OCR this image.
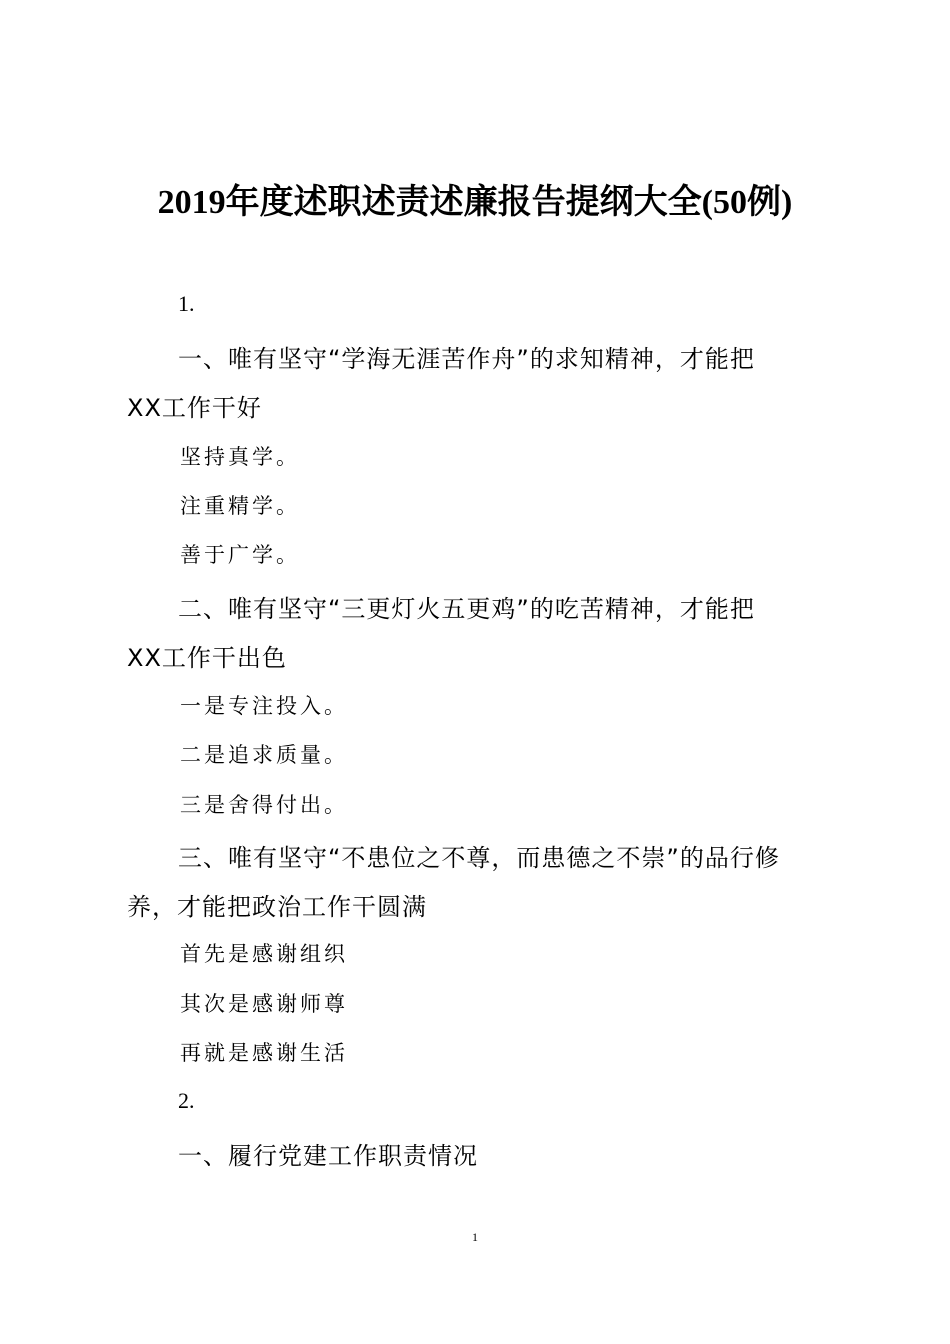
2019年度述职述责述廉报告提纲大全(50例)
1.
一、唯有坚守“学海无涯苦作舟”的求知精神，才能把
XX工作干好
坚持真学。
注重精学。
善于广学。
二、唯有坚守“三更灯火五更鸡”的吃苦精神，才能把
XX工作干出色
一是专注投入。
二是追求质量。
三是舍得付出。
三、唯有坚守“不患位之不尊，而患德之不崇”的品行修
养，才能把政治工作干圆满
首先是感谢组织
其次是感谢师尊
再就是感谢生活
2.
一、履行党建工作职责情况
1
